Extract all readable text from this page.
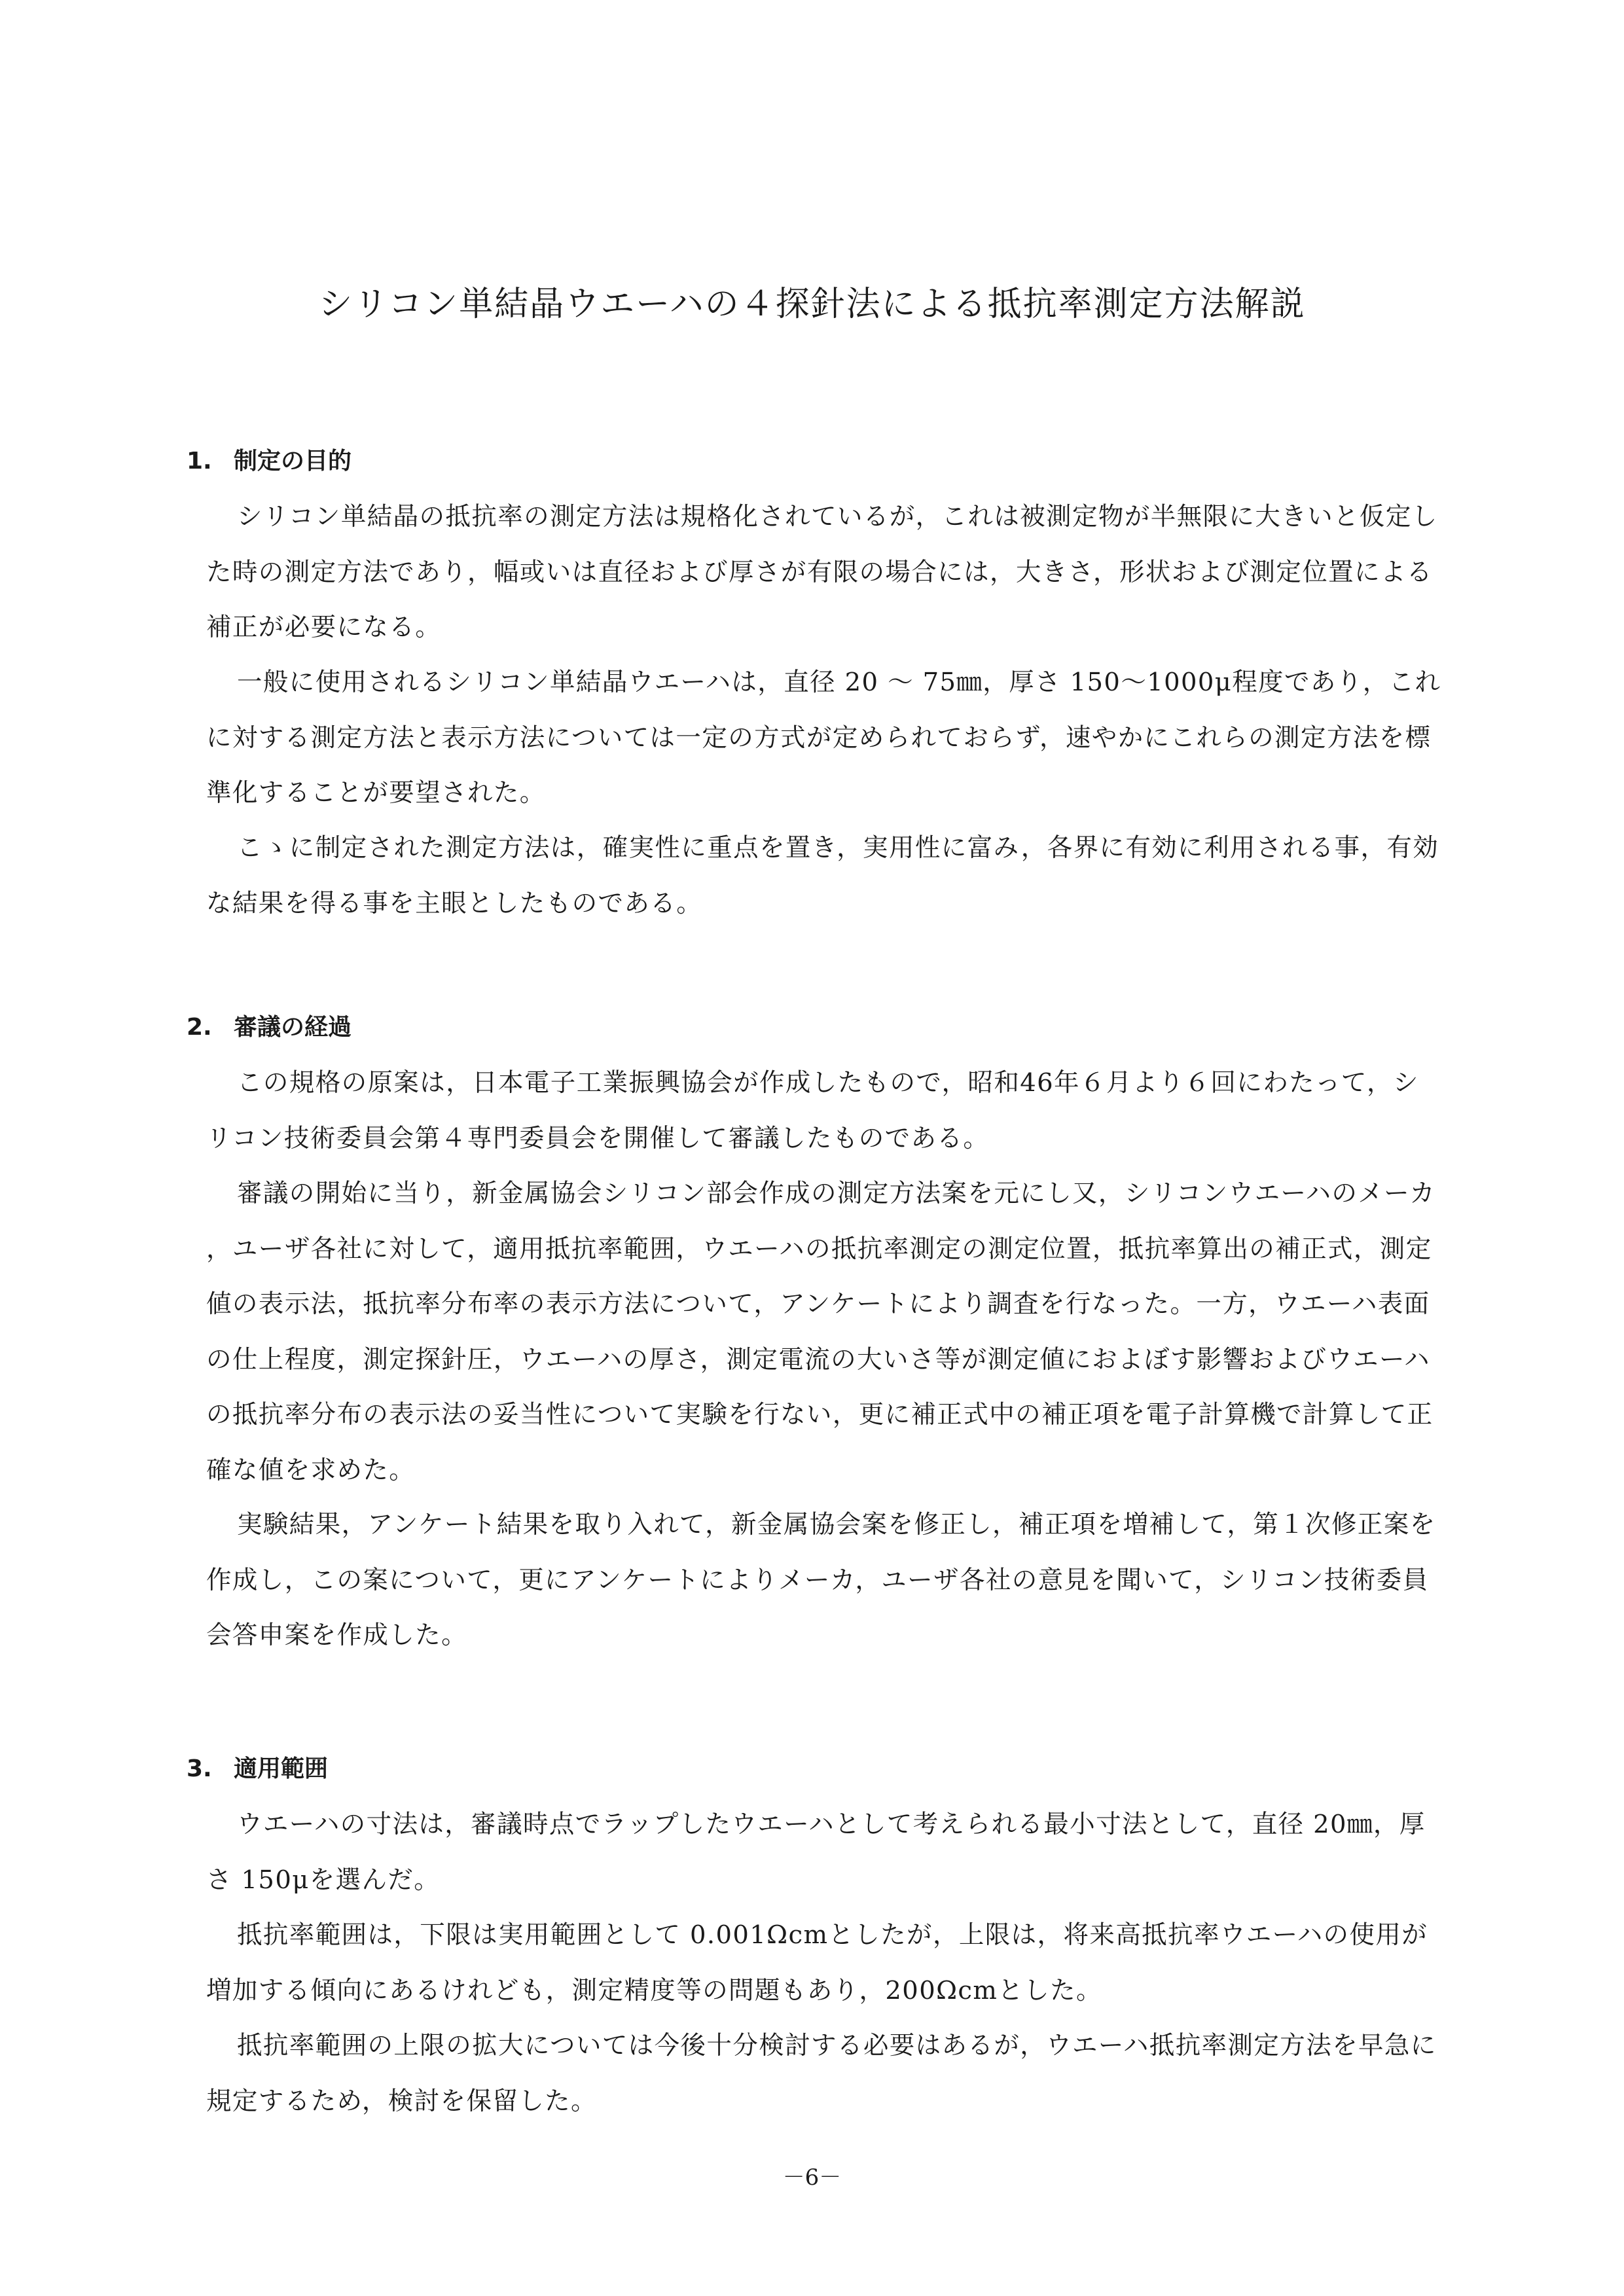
シリコン単結晶ウエーハの４探針法による抵抗率測定方法解説
1. 制定の目的

シリコン単結晶の抵抗率の測定方法は規格化されているが，これは被測定物が半無限に大きいと仮定した時の測定方法であり，幅或いは直径および厚さが有限の場合には，大きさ，形状および測定位置による補正が必要になる。

一般に使用されるシリコン単結晶ウエーハは，直径 20 ～ 75㎜，厚さ 150～1000μ程度であり，これに対する測定方法と表示方法については一定の方式が定められておらず，速やかにこれらの測定方法を標準化することが要望された。

こゝに制定された測定方法は，確実性に重点を置き，実用性に富み，各界に有効に利用される事，有効な結果を得る事を主眼としたものである。

2. 審議の経過

この規格の原案は，日本電子工業振興協会が作成したもので，昭和46年６月より６回にわたって，シリコン技術委員会第４専門委員会を開催して審議したものである。

審議の開始に当り，新金属協会シリコン部会作成の測定方法案を元にし又，シリコンウエーハのメーカ，ユーザ各社に対して，適用抵抗率範囲，ウエーハの抵抗率測定の測定位置，抵抗率算出の補正式，測定値の表示法，抵抗率分布率の表示方法について，アンケートにより調査を行なった。一方，ウエーハ表面の仕上程度，測定探針圧，ウエーハの厚さ，測定電流の大いさ等が測定値におよぼす影響およびウエーハの抵抗率分布の表示法の妥当性について実験を行ない，更に補正式中の補正項を電子計算機で計算して正確な値を求めた。

実験結果，アンケート結果を取り入れて，新金属協会案を修正し，補正項を増補して，第１次修正案を作成し，この案について，更にアンケートによりメーカ，ユーザ各社の意見を聞いて，シリコン技術委員会答申案を作成した。

3. 適用範囲

ウエーハの寸法は，審議時点でラップしたウエーハとして考えられる最小寸法として，直径 20㎜，厚さ 150μを選んだ。

抵抗率範囲は，下限は実用範囲として 0.001Ωcmとしたが，上限は，将来高抵抗率ウエーハの使用が増加する傾向にあるけれども，測定精度等の問題もあり，200Ωcmとした。

抵抗率範囲の上限の拡大については今後十分検討する必要はあるが，ウエーハ抵抗率測定方法を早急に規定するため，検討を保留した。

－6－
